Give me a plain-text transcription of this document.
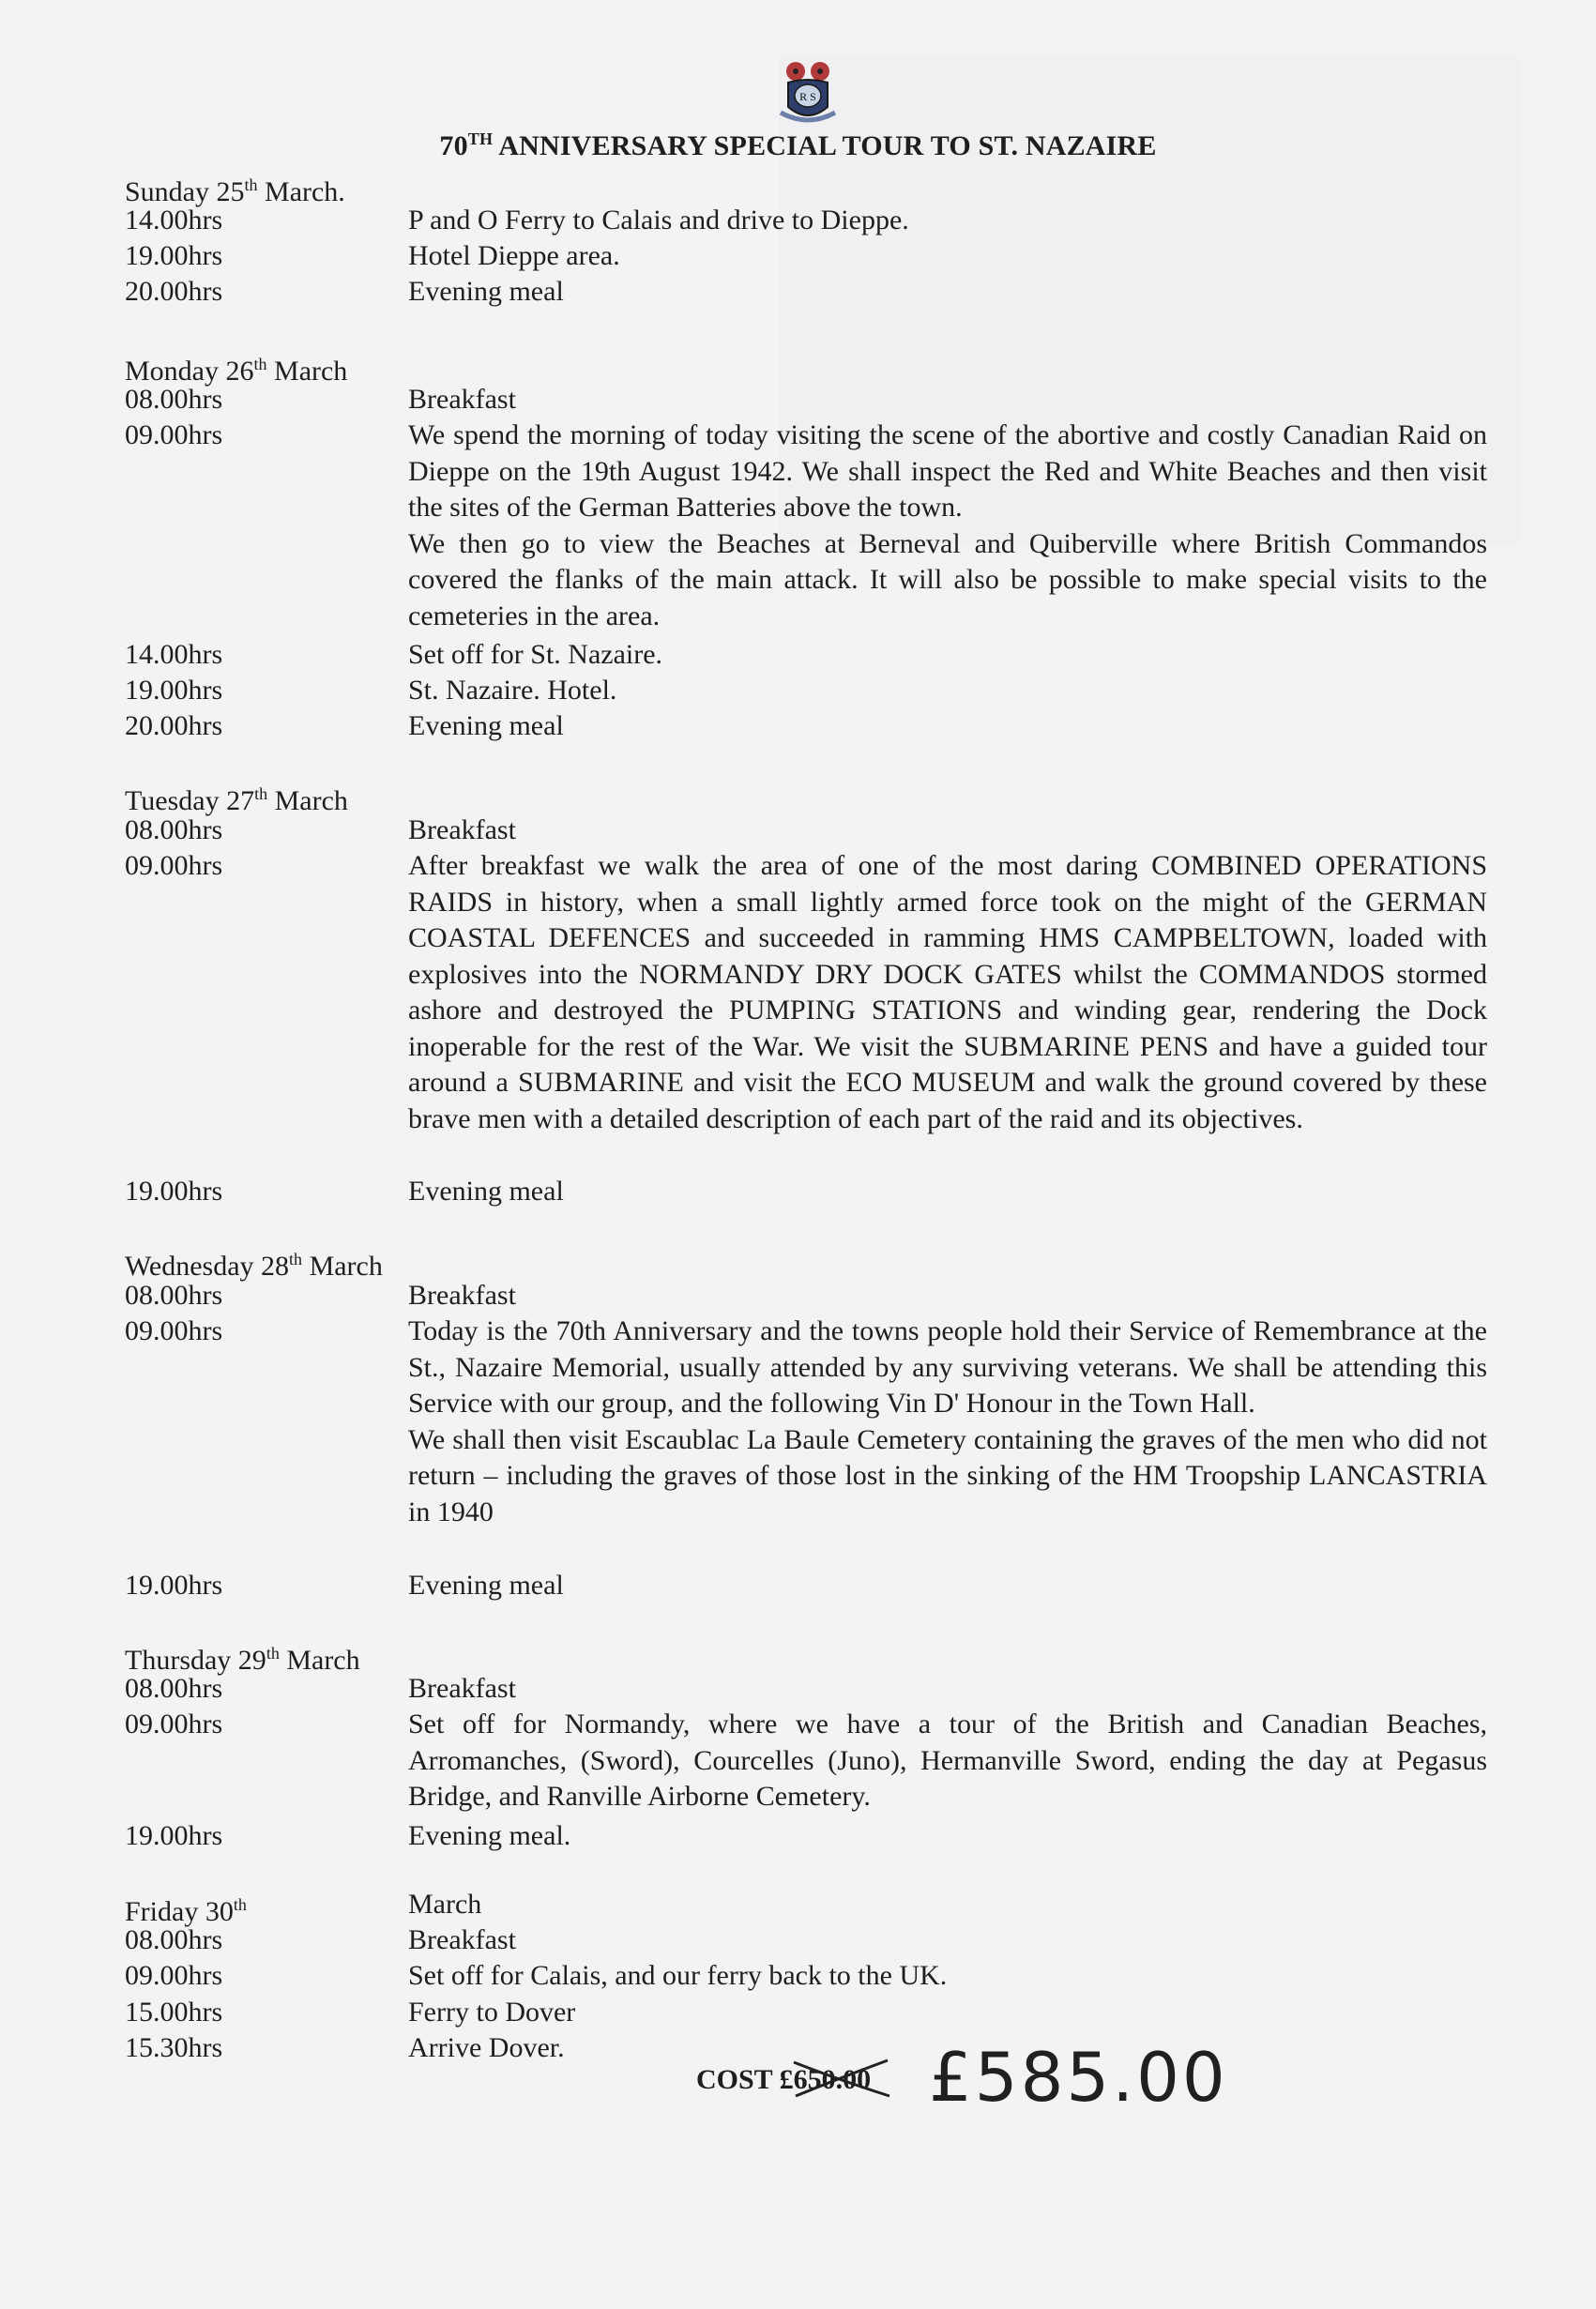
R S
70TH ANNIVERSARY SPECIAL TOUR TO ST. NAZAIRE
Sunday 25th March.
14.00hrs	P and O Ferry to Calais and drive to Dieppe.

19.00hrs	Hotel Dieppe area.

20.00hrs	Evening meal

Monday 26th March
08.00hrs	Breakfast

09.00hrs	We spend the morning of today visiting the scene of the abortive and costly Canadian Raid on Dieppe on the 19th August 1942. We shall inspect the Red and White Beaches and then visit the sites of the German Batteries above the town.

We then go to view the Beaches at Berneval and Quiberville where British Commandos covered the flanks of the main attack. It will also be possible to make special visits to the cemeteries in the area.

14.00hrs	Set off for St. Nazaire.

19.00hrs	St. Nazaire. Hotel.

20.00hrs	Evening meal

Tuesday 27th March
08.00hrs	Breakfast

09.00hrs	After breakfast we walk the area of one of the most daring COMBINED OPERATIONS RAIDS in history, when a small lightly armed force took on the might of the GERMAN COASTAL DEFENCES and succeeded in ramming HMS CAMPBELTOWN, loaded with explosives into the NORMANDY DRY DOCK GATES whilst the COMMANDOS stormed ashore and destroyed the PUMPING STATIONS and winding gear, rendering the Dock inoperable for the rest of the War. We visit the SUBMARINE PENS and have a guided tour around a SUBMARINE and visit the ECO MUSEUM and walk the ground covered by these brave men with a detailed description of each part of the raid and its objectives.

19.00hrs	Evening meal

Wednesday 28th March
08.00hrs	Breakfast

09.00hrs	Today is the 70th Anniversary and the towns people hold their Service of Remembrance at the St., Nazaire Memorial, usually attended by any surviving veterans. We shall be attending this Service with our group, and the following Vin D' Honour in the Town Hall.

We shall then visit Escaublac La Baule Cemetery containing the graves of the men who did not return – including the graves of those lost in the sinking of the HM Troopship LANCASTRIA in 1940

19.00hrs	Evening meal

Thursday 29th March
08.00hrs	Breakfast

09.00hrs	Set off for Normandy, where we have a tour of the British and Canadian Beaches, Arromanches, (Sword), Courcelles (Juno), Hermanville Sword, ending the day at Pegasus Bridge, and Ranville Airborne Cemetery.

19.00hrs	Evening meal.

Friday 30th	March
08.00hrs	Breakfast

09.00hrs	Set off for Calais, and our ferry back to the UK.

15.00hrs	Ferry to Dover

15.30hrs	Arrive Dover.

COST £650.00 £585.00
